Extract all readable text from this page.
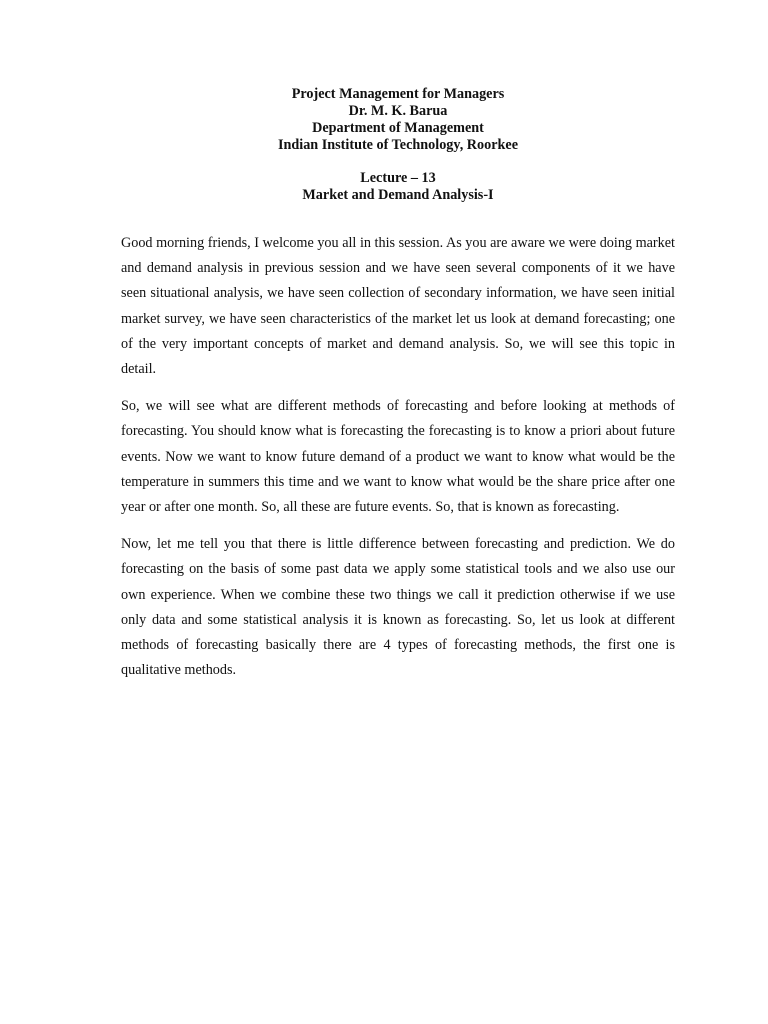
Project Management for Managers
Dr. M. K. Barua
Department of Management
Indian Institute of Technology, Roorkee
Lecture – 13
Market and Demand Analysis-I

Good morning friends, I welcome you all in this session. As you are aware we were doing market and demand analysis in previous session and we have seen several components of it we have seen situational analysis, we have seen collection of secondary information, we have seen initial market survey, we have seen characteristics of the market let us look at demand forecasting; one of the very important concepts of market and demand analysis. So, we will see this topic in detail.

So, we will see what are different methods of forecasting and before looking at methods of forecasting. You should know what is forecasting the forecasting is to know a priori about future events. Now we want to know future demand of a product we want to know what would be the temperature in summers this time and we want to know what would be the share price after one year or after one month. So, all these are future events. So, that is known as forecasting.

Now, let me tell you that there is little difference between forecasting and prediction. We do forecasting on the basis of some past data we apply some statistical tools and we also use our own experience. When we combine these two things we call it prediction otherwise if we use only data and some statistical analysis it is known as forecasting. So, let us look at different methods of forecasting basically there are 4 types of forecasting methods, the first one is qualitative methods.
